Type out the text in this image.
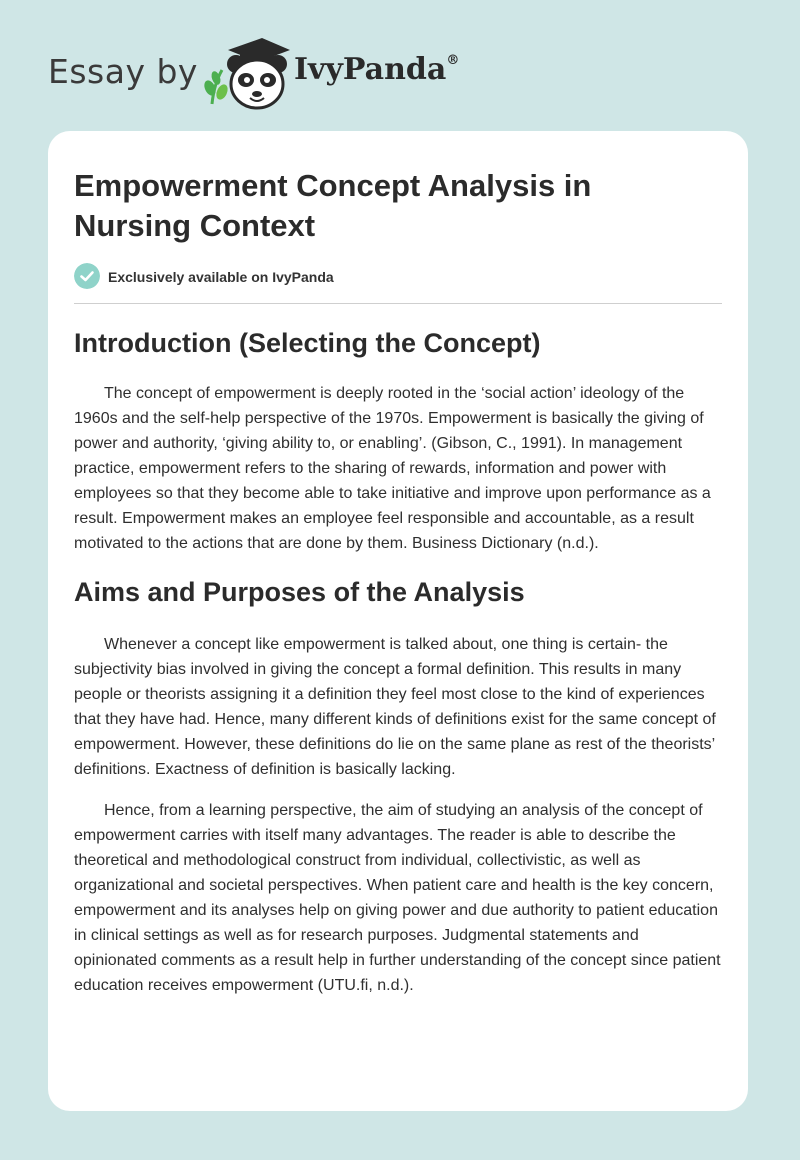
Essay by	IvyPanda®
Empowerment Concept Analysis in Nursing Context
Exclusively available on IvyPanda
Introduction (Selecting the Concept)

The concept of empowerment is deeply rooted in the ‘social action’ ideology of the 1960s and the self-help perspective of the 1970s. Empowerment is basically the giving of power and authority, ‘giving ability to, or enabling’. (Gibson, C., 1991). In management practice, empowerment refers to the sharing of rewards, information and power with employees so that they become able to take initiative and improve upon performance as a result. Empowerment makes an employee feel responsible and accountable, as a result motivated to the actions that are done by them. Business Dictionary (n.d.).

Aims and Purposes of the Analysis

Whenever a concept like empowerment is talked about, one thing is certain- the subjectivity bias involved in giving the concept a formal definition. This results in many people or theorists assigning it a definition they feel most close to the kind of experiences that they have had. Hence, many different kinds of definitions exist for the same concept of empowerment. However, these definitions do lie on the same plane as rest of the theorists’ definitions. Exactness of definition is basically lacking.

Hence, from a learning perspective, the aim of studying an analysis of the concept of empowerment carries with itself many advantages. The reader is able to describe the theoretical and methodological construct from individual, collectivistic, as well as organizational and societal perspectives. When patient care and health is the key concern, empowerment and its analyses help on giving power and due authority to patient education in clinical settings as well as for research purposes. Judgmental statements and opinionated comments as a result help in further understanding of the concept since patient education receives empowerment (UTU.fi, n.d.).
